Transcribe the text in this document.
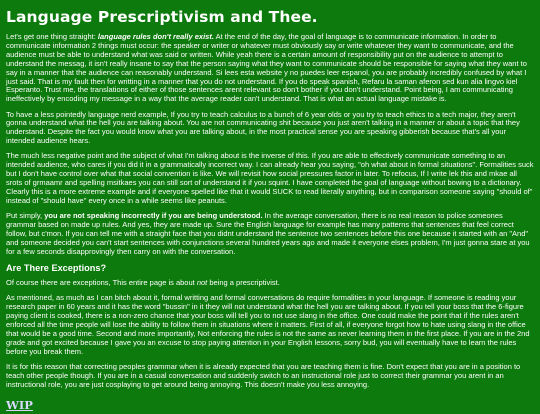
Language Prescriptivism and Thee.

Let's get one thing straight: language rules don't really exist. At the end of the day, the goal of language is to communicate information. In order to communicate information 2 things must occur: the speaker or writer or whatever must obviously say or write whatever they want to communicate, and the audience must be able to understand what was said or written. While yeah there is a certain amount of responsibility put on the audience to attempt to understand the messag, it isn't really insane to say that the person saying what they want to communicate should be responsible for saying what they want to say in a manner that the audience can reasonably understand. Si lees esta website y no puedes leer espanol, you are probably incredibly confused by what I just said. That is my fault then for writting in a manner that you do not understand. If you do speak spanish, Refaru la saman aferon sed kun alia lingvo kiel Esperanto. Trust me, the translations of either of those sentences arent relevant so don't bother if you don't understand. Point being, I am communicating ineffectively by encoding my message in a way that the average reader can't understand. That is what an actual language mistake is.

To have a less pointedly language nerd example, If you try to teach calculus to a bunch of 6 year olds or you try to teach ethics to a tech major, they aren't gonna understand what the hell you are talking about. You are not communicating shit because you just aren't talking in a manner or about a topic that they understand. Despite the fact you would know what you are talking about, in the most practical sense you are speaking gibberish because that's all your intended audience hears.

The much less negative point and the subject of what I'm talking about is the inverse of this. If you are able to effectively communicate something to an intended audience, who cares if you did it in a grammatically incorrect way. I can already hear you saying, "oh what about in formal situations". Formalities suck but I don't have control over what that social convention is like. We will revisit how social pressures factor in later. To refocus, If I write lek this and mkae all srots of grmaamr and spelling msitkaes you can still sort of understand it if you squint. I have completed the goal of language without bowing to a dictionary. Clearly this is a more extreme example and if everyone spelled like that it would SUCK to read literally anything, but in comparison someone saying "should of" instead of "should have" every once in a while seems like peanuts.

Put simply, you are not speaking incorrectly if you are being understood. In the average conversation, there is no real reason to police someones grammar based on made up rules. And yes, they are made up. Sure the English language for example has many patterns that sentences that feel correct follow, but c'mon. If you can tell me with a straight face that you didnt understand the sentence two sentences before this one because it started with an "And" and someone decided you can't start sentences with conjunctions several hundred years ago and made it everyone elses problem, I'm just gonna stare at you for a few seconds disapprovingly then carry on with the conversation.

Are There Exceptions?

Of course there are exceptions, This entire page is about not being a prescriptivist.

As mentioned, as much as I can bitch about it, formal writting and formal conversations do require formalities in your language. If someone is reading your research paper in 60 years and it has the word "bussin" in it they will not understand what the hell you are talking about. If you tell your boss that the 6-figure paying client is cooked, there is a non-zero chance that your boss will tell you to not use slang in the office. One could make the point that if the rules aren't enforced all the time people will lose the ability to follow them in situations where it matters. First of all, if everyone forgot how to hate using slang in the office that would be a good time. Second and more importantly, Not enforcing the rules is not the same as never learning them in the first place. If you are in the 2nd grade and got excited because I gave you an excuse to stop paying attention in your English lessons, sorry bud, you will eventually have to learn the rules before you break them.

It is for this reason that correcting peoples grammar when it is already expected that you are teaching them is fine. Don't expect that you are in a position to teach other people though. If you are in a casual conversation and suddenly switch to an instructional role just to correct their grammar you arent in an instructional role, you are just cosplaying to get around being annoying. This doesn't make you less annoying.

WIP
